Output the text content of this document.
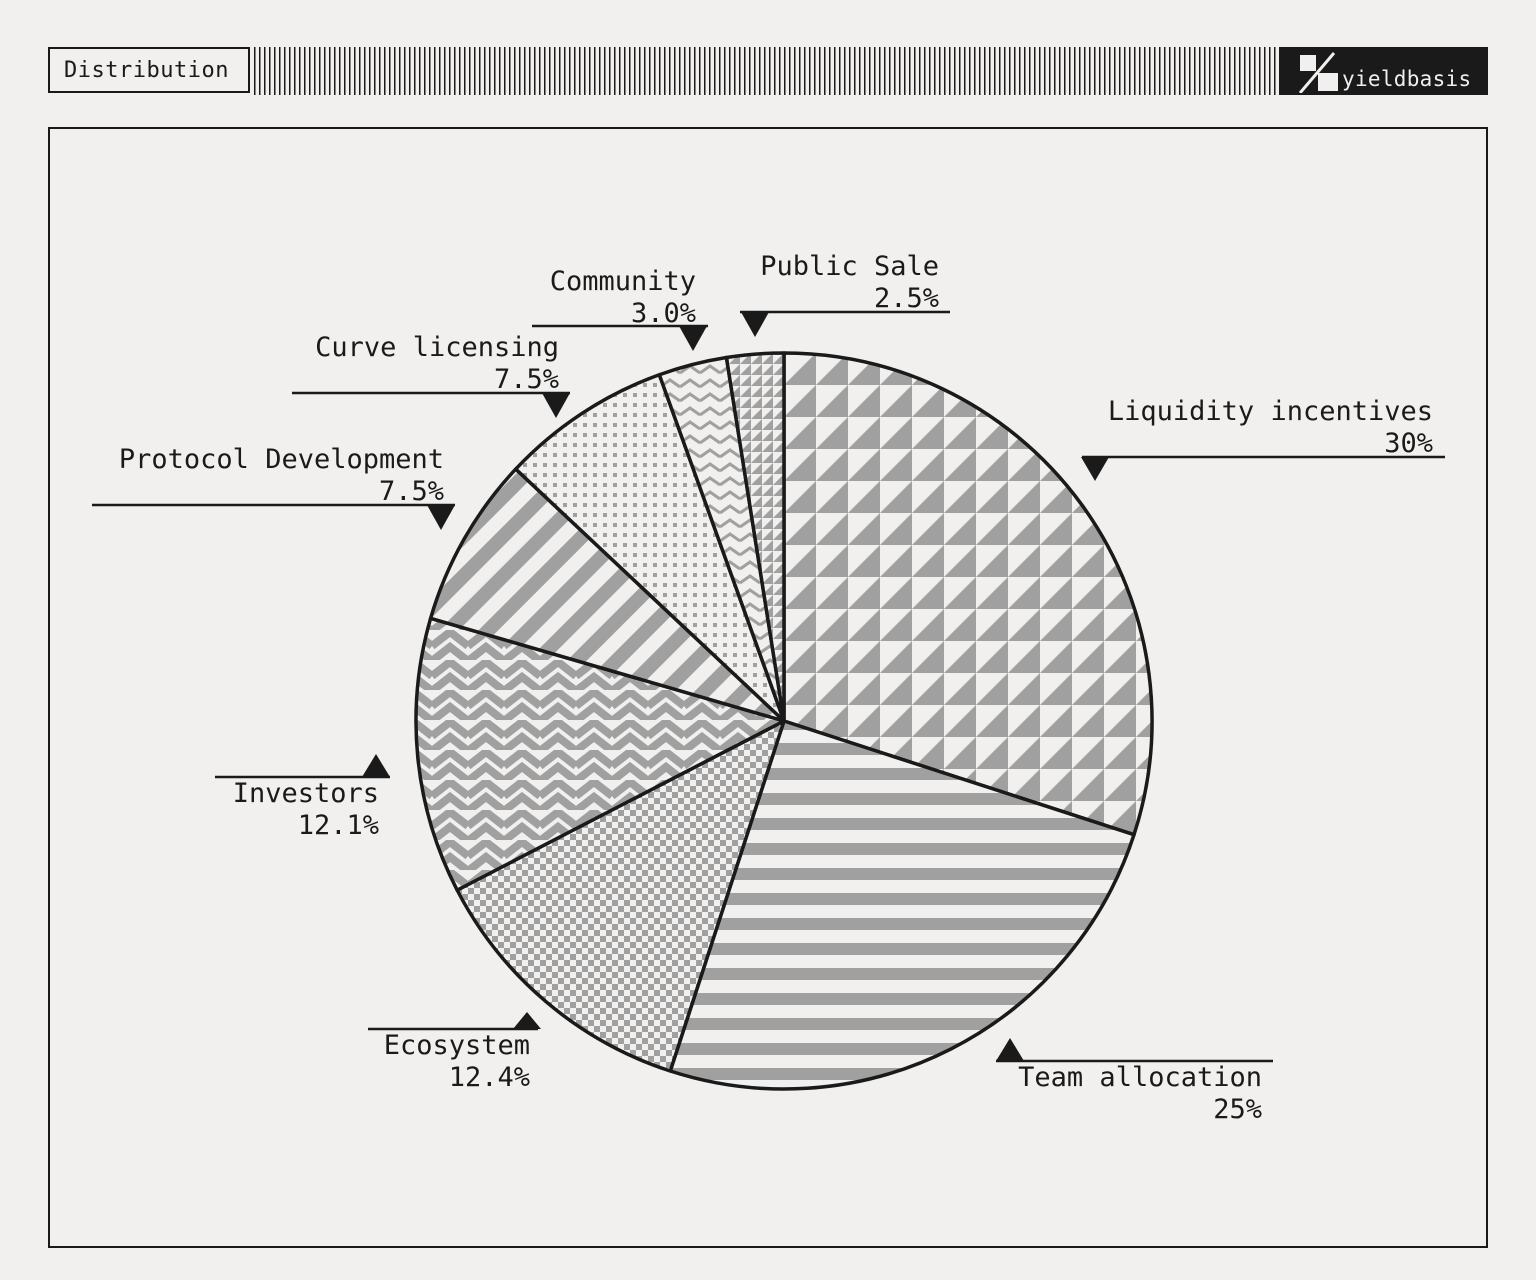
Distribution	yieldbasis
Liquidity incentives
30%
Team allocation
25%
Ecosystem
12.4%
Investors
12.1%
Protocol Development
7.5%
Curve licensing
7.5%
Community
3.0%
Public Sale
2.5%
